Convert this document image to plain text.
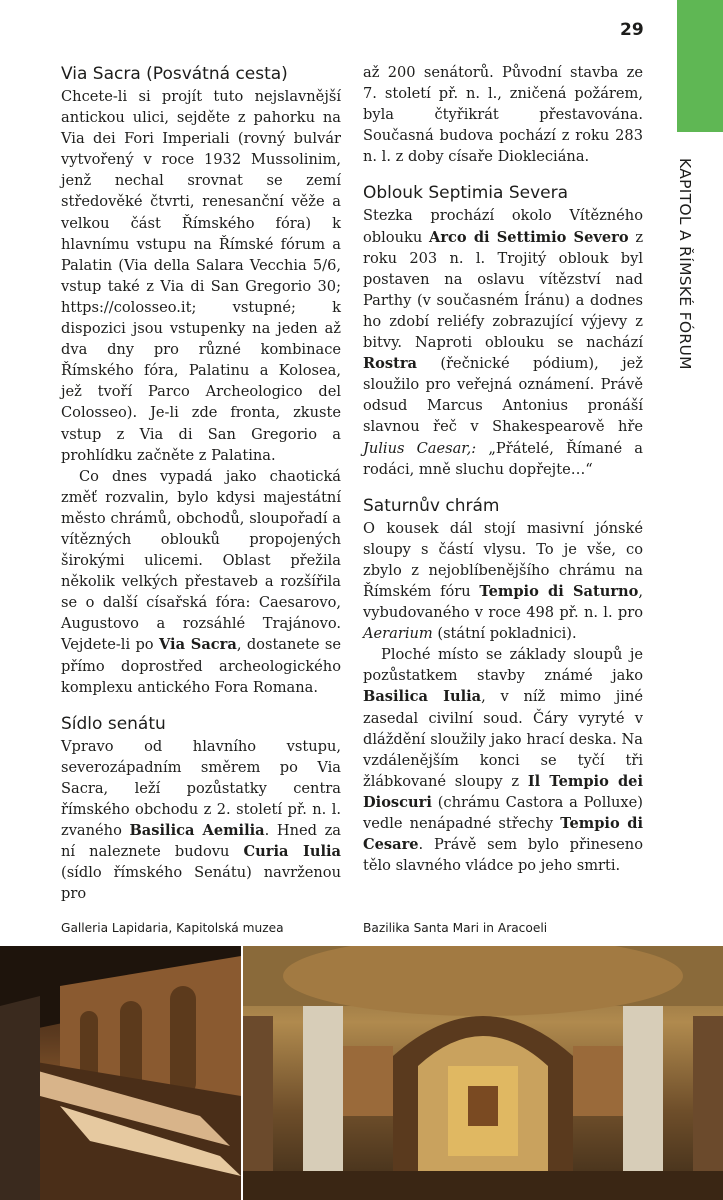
29
KAPITOL A ŘÍMSKÉ FÓRUM
Via Sacra (Posvátná cesta)

Chcete-li si projít tuto nejslavnější antickou ulici, sejděte z pahorku na Via dei Fori Imperiali (rovný bulvár vytvořený v roce 1932 Mussolinim, jenž nechal srovnat se zemí středověké čtvrti, renesanční věže a velkou část Římského fóra) k hlavnímu vstupu na Římské fórum a Palatin (Via della Salara Vecchia 5/6, vstup také z Via di San Gregorio 30; https://colosseo.it; vstupné; k dispozici jsou vstupenky na jeden až dva dny pro různé kombinace Římského fóra, Palatinu a Kolosea, jež tvoří Parco Archeologico del Colosseo). Je-li zde fronta, zkuste vstup z Via di San Gregorio a prohlídku začněte z Palatina.

Co dnes vypadá jako chaotická změť rozvalin, bylo kdysi majestátní město chrámů, obchodů, sloupořadí a vítězných oblouků propojených širokými ulicemi. Oblast přežila několik velkých přestaveb a rozšířila se o další císařská fóra: Caesarovo, Augustovo a rozsáhlé Trajánovo. Vejdete-li po Via Sacra, dostanete se přímo doprostřed archeologického komplexu antického Fora Romana.

Sídlo senátu

Vpravo od hlavního vstupu, severozápadním směrem po Via Sacra, leží pozůstatky centra římského obchodu z 2. století př. n. l. zvaného Basilica Aemilia. Hned za ní naleznete budovu Curia Iulia (sídlo římského Senátu) navrženou pro

až 200 senátorů. Původní stavba ze 7. století př. n. l., zničená požárem, byla čtyřikrát přestavována. Současná budova pochází z roku 283 n. l. z doby císaře Diokleciána.

Oblouk Septimia Severa

Stezka prochází okolo Vítězného oblouku Arco di Settimio Severo z roku 203 n. l. Trojitý oblouk byl postaven na oslavu vítězství nad Parthy (v současném Íránu) a dodnes ho zdobí reliéfy zobrazující výjevy z bitvy. Naproti oblouku se nachází Rostra (řečnické pódium), jež sloužilo pro veřejná oznámení. Právě odsud Marcus Antonius pronáší slavnou řeč v Shakespearově hře Julius Caesar,: „Přátelé, Římané a rodáci, mně sluchu dopřejte…“

Saturnův chrám

O kousek dál stojí masivní jónské sloupy s částí vlysu. To je vše, co zbylo z nejoblíbenějšího chrámu na Římském fóru Tempio di Saturno, vybudovaného v roce 498 př. n. l. pro Aerarium (státní pokladnici).

Ploché místo se základy sloupů je pozůstatkem stavby známé jako Basilica Iulia, v níž mimo jiné zasedal civilní soud. Čáry vyryté v dláždění sloužily jako hrací deska. Na vzdálenějším konci se tyčí tři žlábkované sloupy z Il Tempio dei Dioscuri (chrámu Castora a Polluxe) vedle nenápadné střechy Tempio di Cesare. Právě sem bylo přineseno tělo slavného vládce po jeho smrti.

Galleria Lapidaria, Kapitolská muzea	Bazilika Santa Mari in Aracoeli
